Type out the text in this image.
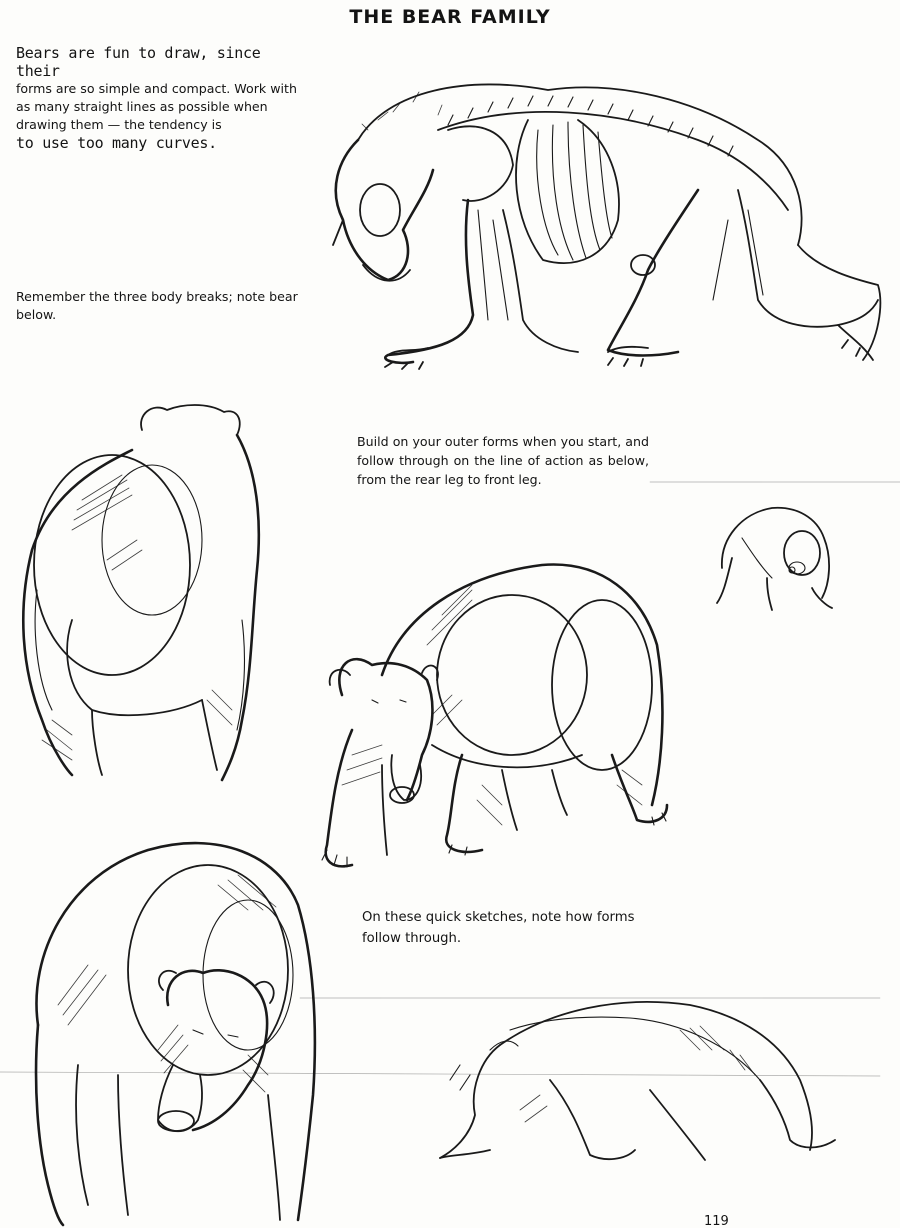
THE BEAR FAMILY
Bears are fun to draw, since their
forms are so simple and compact. Work with as many straight lines as possible when drawing them — the tendency is
to use too many curves.
Remember the three body breaks; note bear below.
Build on your outer forms when you start, and follow through on the line of action as below, from the rear leg to front leg.
On these quick sketches, note how forms follow through.
119
